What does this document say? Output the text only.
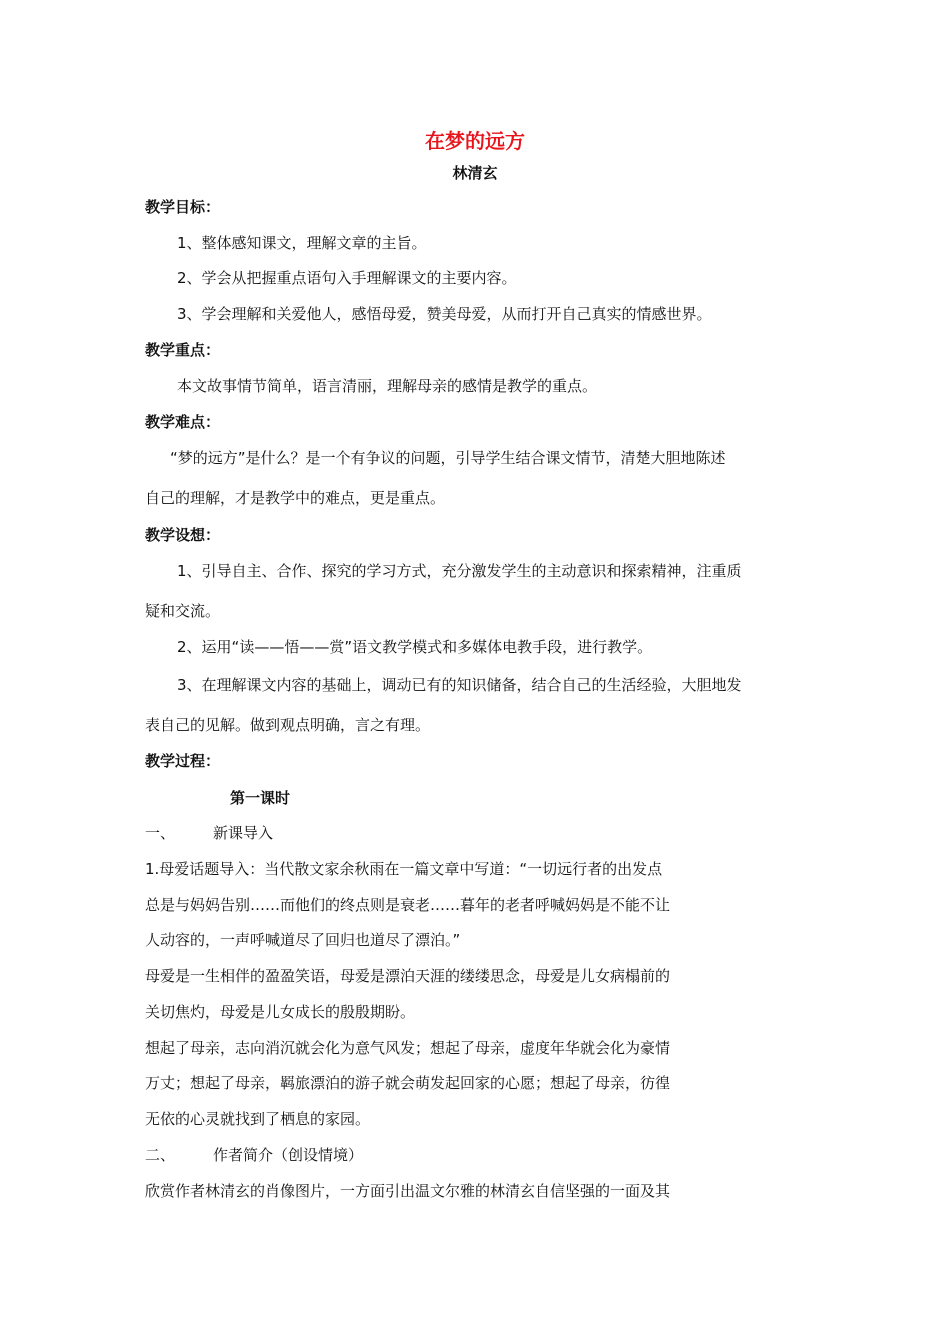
在梦的远方
林清玄
教学目标：
1、整体感知课文，理解文章的主旨。
2、学会从把握重点语句入手理解课文的主要内容。
3、学会理解和关爱他人，感悟母爱，赞美母爱，从而打开自己真实的情感世界。
教学重点：
本文故事情节简单，语言清丽，理解母亲的感情是教学的重点。
教学难点：
“梦的远方”是什么？是一个有争议的问题，引导学生结合课文情节，清楚大胆地陈述
自己的理解，才是教学中的难点，更是重点。
教学设想：
1、引导自主、合作、探究的学习方式，充分激发学生的主动意识和探索精神，注重质
疑和交流。
2、运用“读——悟——赏”语文教学模式和多媒体电教手段，进行教学。
3、在理解课文内容的基础上，调动已有的知识储备，结合自己的生活经验，大胆地发
表自己的见解。做到观点明确，言之有理。
教学过程：
第一课时
一、	新课导入
1.母爱话题导入：当代散文家余秋雨在一篇文章中写道：“一切远行者的出发点
总是与妈妈告别……而他们的终点则是衰老……暮年的老者呼喊妈妈是不能不让
人动容的，一声呼喊道尽了回归也道尽了漂泊。”
母爱是一生相伴的盈盈笑语，母爱是漂泊天涯的缕缕思念，母爱是儿女病榻前的
关切焦灼，母爱是儿女成长的殷殷期盼。
想起了母亲，志向消沉就会化为意气风发；想起了母亲，虚度年华就会化为豪情
万丈；想起了母亲，羁旅漂泊的游子就会萌发起回家的心愿；想起了母亲，彷徨
无依的心灵就找到了栖息的家园。
二、	作者简介（创设情境）
欣赏作者林清玄的肖像图片，一方面引出温文尔雅的林清玄自信坚强的一面及其
